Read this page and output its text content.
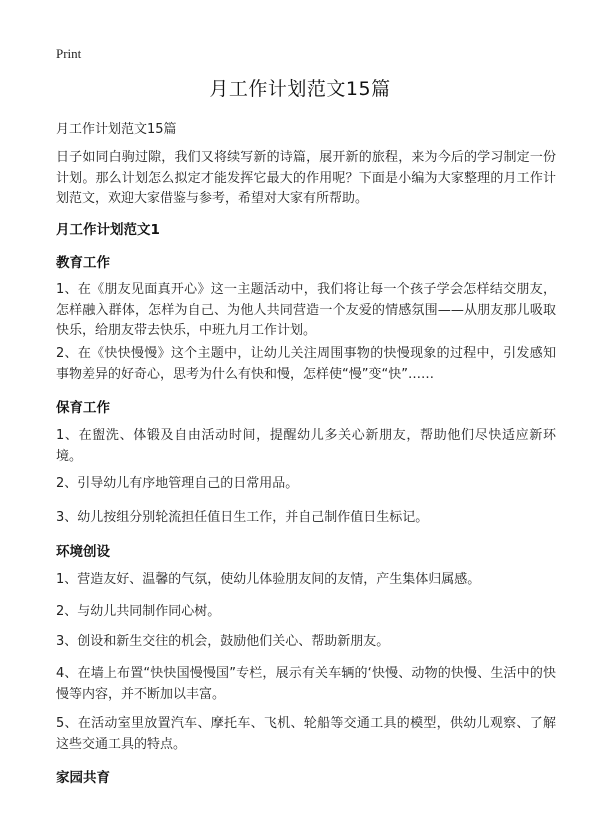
Print
月工作计划范文15篇
月工作计划范文15篇
日子如同白驹过隙，我们又将续写新的诗篇，展开新的旅程，来为今后的学习制定一份计划。那么计划怎么拟定才能发挥它最大的作用呢？下面是小编为大家整理的月工作计划范文，欢迎大家借鉴与参考，希望对大家有所帮助。
月工作计划范文1
教育工作
1、在《朋友见面真开心》这一主题活动中，我们将让每一个孩子学会怎样结交朋友，怎样融入群体，怎样为自己、为他人共同营造一个友爱的情感氛围——从朋友那儿吸取快乐，给朋友带去快乐，中班九月工作计划。
2、在《快快慢慢》这个主题中，让幼儿关注周围事物的快慢现象的过程中，引发感知事物差异的好奇心，思考为什么有快和慢，怎样使“慢”变“快”……
保育工作
1、在盥洗、体锻及自由活动时间，提醒幼儿多关心新朋友，帮助他们尽快适应新环境。
2、引导幼儿有序地管理自己的日常用品。
3、幼儿按组分别轮流担任值日生工作，并自己制作值日生标记。
环境创设
1、营造友好、温馨的气氛，使幼儿体验朋友间的友情，产生集体归属感。
2、与幼儿共同制作同心树。
3、创设和新生交往的机会，鼓励他们关心、帮助新朋友。
4、在墙上布置“快快国慢慢国”专栏，展示有关车辆的‘快慢、动物的快慢、生活中的快慢等内容，并不断加以丰富。
5、在活动室里放置汽车、摩托车、飞机、轮船等交通工具的模型，供幼儿观察、了解这些交通工具的特点。
家园共育
